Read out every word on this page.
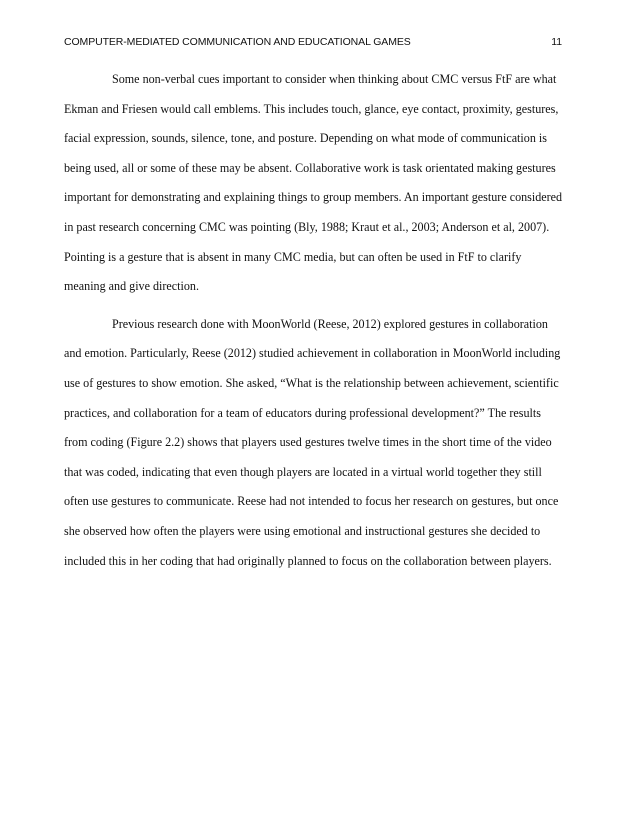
COMPUTER-MEDIATED COMMUNICATION AND EDUCATIONAL GAMES	11

Some non-verbal cues important to consider when thinking about CMC versus FtF are what Ekman and Friesen would call emblems. This includes touch, glance, eye contact, proximity, gestures, facial expression, sounds, silence, tone, and posture. Depending on what mode of communication is being used, all or some of these may be absent. Collaborative work is task orientated making gestures important for demonstrating and explaining things to group members. An important gesture considered in past research concerning CMC was pointing (Bly, 1988; Kraut et al., 2003; Anderson et al, 2007). Pointing is a gesture that is absent in many CMC media, but can often be used in FtF to clarify meaning and give direction.

Previous research done with MoonWorld (Reese, 2012) explored gestures in collaboration and emotion. Particularly, Reese (2012) studied achievement in collaboration in MoonWorld including use of gestures to show emotion. She asked, “What is the relationship between achievement, scientific practices, and collaboration for a team of educators during professional development?” The results from coding (Figure 2.2) shows that players used gestures twelve times in the short time of the video that was coded, indicating that even though players are located in a virtual world together they still often use gestures to communicate. Reese had not intended to focus her research on gestures, but once she observed how often the players were using emotional and instructional gestures she decided to included this in her coding that had originally planned to focus on the collaboration between players.
